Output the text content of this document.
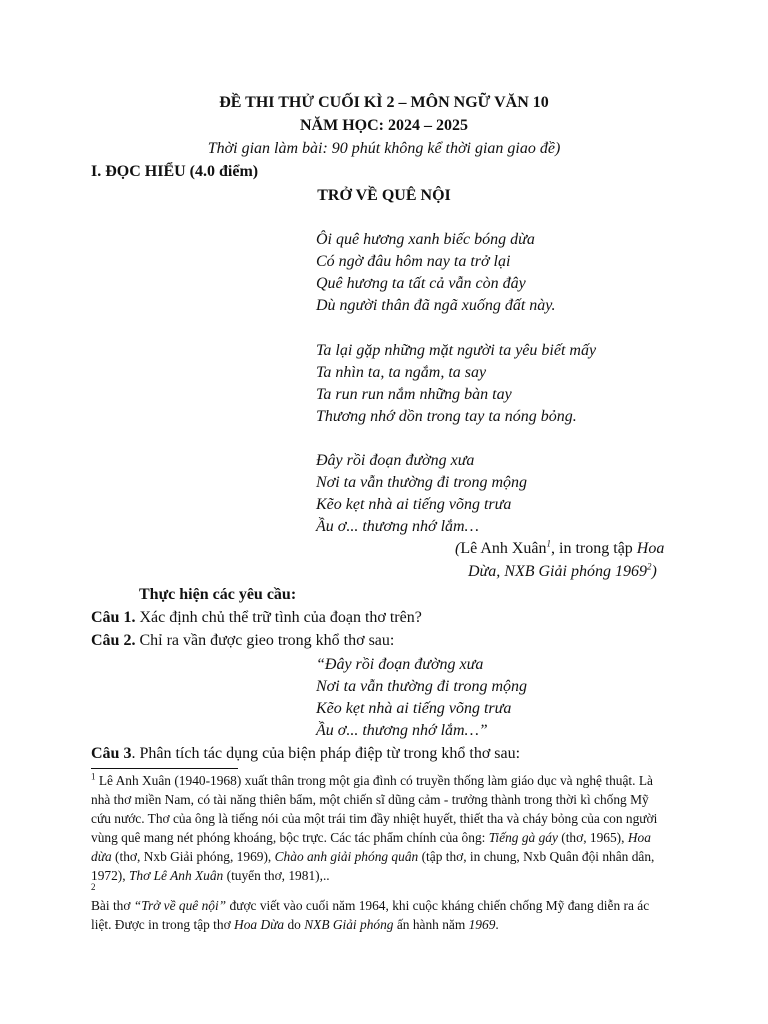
ĐỀ THI THỬ CUỐI KÌ 2 – MÔN NGỮ VĂN 10
NĂM HỌC: 2024 – 2025
Thời gian làm bài: 90 phút không kể thời gian giao đề)
I. ĐỌC HIỂU (4.0 điểm)
TRỞ VỀ QUÊ NỘI
Ôi quê hương xanh biếc bóng dừa
Có ngờ đâu hôm nay ta trở lại
Quê hương ta tất cả vẫn còn đây
Dù người thân đã ngã xuống đất này.
Ta lại gặp những mặt người ta yêu biết mấy
Ta nhìn ta, ta ngắm, ta say
Ta run run nắm những bàn tay
Thương nhớ dồn trong tay ta nóng bỏng.
Đây rồi đoạn đường xưa
Nơi ta vẫn thường đi trong mộng
Kẽo kẹt nhà ai tiếng võng trưa
Ầu ơ... thương nhớ lắm…
(Lê Anh Xuân$^1$, in trong tập Hoa
Dừa, NXB Giải phóng 1969$^2$)
Thực hiện các yêu cầu:
Câu 1. Xác định chủ thể trữ tình của đoạn thơ trên?
Câu 2. Chỉ ra vần được gieo trong khổ thơ sau:
“Đây rồi đoạn đường xưa
Nơi ta vẫn thường đi trong mộng
Kẽo kẹt nhà ai tiếng võng trưa
Ầu ơ... thương nhớ lắm…”
Câu 3. Phân tích tác dụng của biện pháp điệp từ trong khổ thơ sau:
$^1$ Lê Anh Xuân (1940-1968) xuất thân trong một gia đình có truyền thống làm giáo dục và nghệ thuật. Là
nhà thơ miền Nam, có tài năng thiên bẩm, một chiến sĩ dũng cảm - trưởng thành trong thời kì chống Mỹ
cứu nước. Thơ của ông là tiếng nói của một trái tim đầy nhiệt huyết, thiết tha và cháy bỏng của con người
vùng quê mang nét phóng khoáng, bộc trực. Các tác phẩm chính của ông: Tiếng gà gáy (thơ, 1965), Hoa
dừa (thơ, Nxb Giải phóng, 1969), Chào anh giải phóng quân (tập thơ, in chung, Nxb Quân đội nhân dân,
1972), Thơ Lê Anh Xuân (tuyển thơ, 1981),..
2
Bài thơ “Trở về quê nội” được viết vào cuối năm 1964, khi cuộc kháng chiến chống Mỹ đang diễn ra ác
liệt. Được in trong tập thơ Hoa Dừa do NXB Giải phóng ấn hành năm 1969.
